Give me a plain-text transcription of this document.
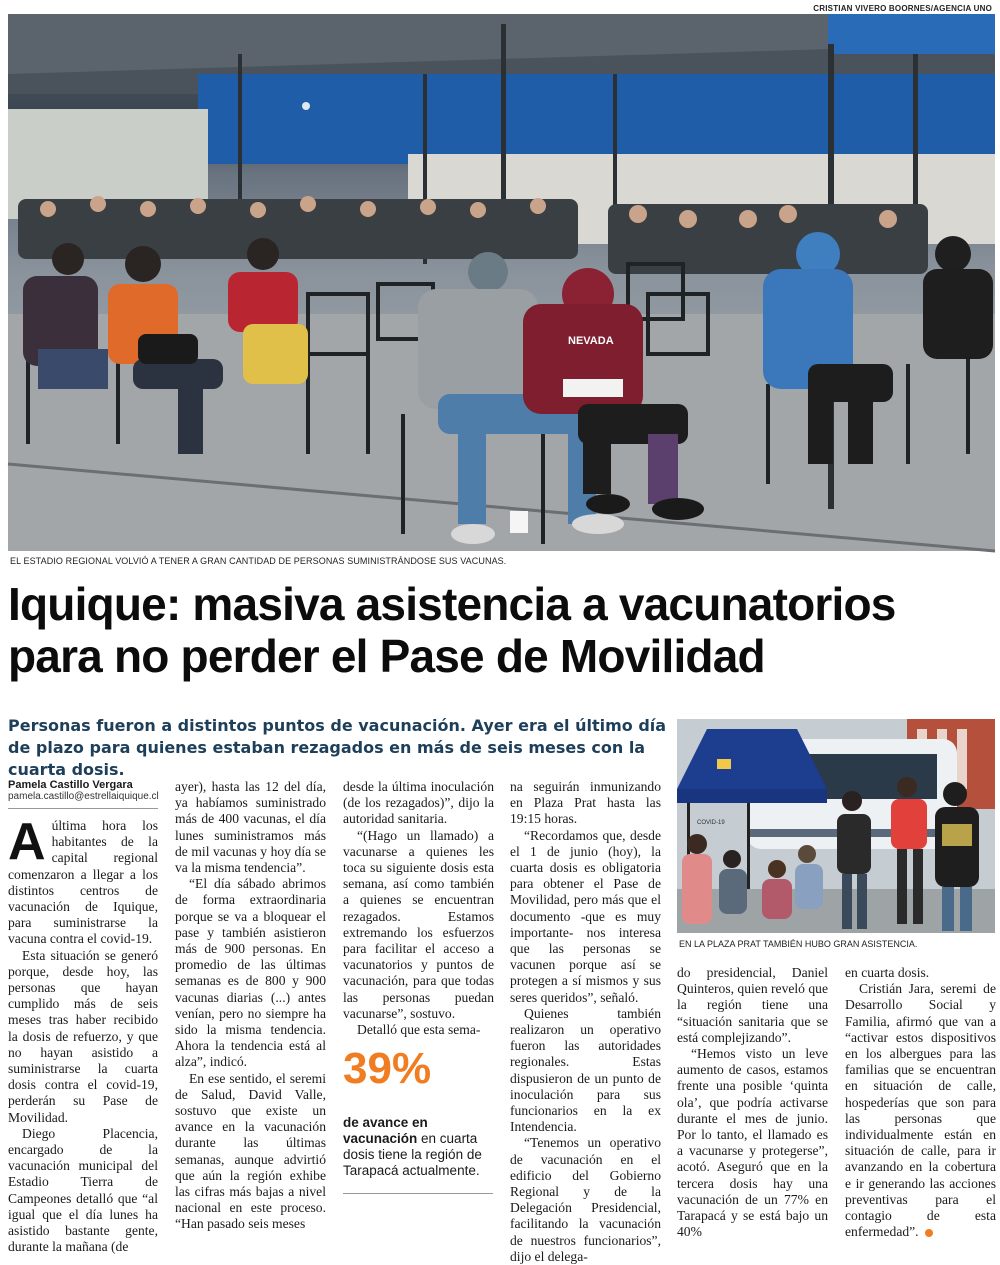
CRISTIAN VIVERO BOORNES/AGENCIA UNO
NEVADA
EL ESTADIO REGIONAL VOLVIÓ A TENER A GRAN CANTIDAD DE PERSONAS SUMINISTRÁNDOSE SUS VACUNAS.
Iquique: masiva asistencia a vacunatorios
para no perder el Pase de Movilidad

Personas fueron a distintos puntos de vacunación. Ayer era el último día de plazo para quienes estaban rezagados en más de seis meses con la cuarta dosis.

COVID-19
EN LA PLAZA PRAT TAMBIÉN HUBO GRAN ASISTENCIA.
Pamela Castillo Vergara
pamela.castillo@estrellaiquique.cl

Aúltima hora los habitantes de la capital regional comenzaron a llegar a los distintos centros de vacunación de Iquique, para suministrarse la vacuna contra el covid-19.

Esta situación se generó porque, desde hoy, las personas que hayan cumplido más de seis meses tras haber recibido la dosis de refuerzo, y que no hayan asistido a suministrarse la cuarta dosis contra el covid-19, perderán su Pase de Movilidad.

Diego Placencia, encargado de la vacunación municipal del Estadio Tierra de Campeones detalló que “al igual que el día lunes ha asistido bastante gente, durante la mañana (de

ayer), hasta las 12 del día, ya habíamos suministrado más de 400 vacunas, el día lunes suministramos más de mil vacunas y hoy día se va la misma tendencia”.

“El día sábado abrimos de forma extraordinaria porque se va a bloquear el pase y también asistieron más de 900 personas. En promedio de las últimas semanas es de 800 y 900 vacunas diarias (...) antes venían, pero no siempre ha sido la misma tendencia. Ahora la tendencia está al alza”, indicó.

En ese sentido, el seremi de Salud, David Valle, sostuvo que existe un avance en la vacunación durante las últimas semanas, aunque advirtió que aún la región exhibe las cifras más bajas a nivel nacional en este proceso. “Han pasado seis meses

desde la última inoculación (de los rezagados)”, dijo la autoridad sanitaria.

“(Hago un llamado) a vacunarse a quienes les toca su siguiente dosis esta semana, así como también a quienes se encuentran rezagados. Estamos extremando los esfuerzos para facilitar el acceso a vacunatorios y puntos de vacunación, para que todas las personas puedan vacunarse”, sostuvo.

Detalló que esta sema-

39%
de avance en vacunación en cuarta dosis tiene la región de Tarapacá actualmente.

na seguirán inmunizando en Plaza Prat hasta las 19:15 horas.

“Recordamos que, desde el 1 de junio (hoy), la cuarta dosis es obligatoria para obtener el Pase de Movilidad, pero más que el documento -que es muy importante- nos interesa que las personas se vacunen porque así se protegen a sí mismos y sus seres queridos”, señaló.

Quienes también realizaron un operativo fueron las autoridades regionales. Estas dispusieron de un punto de inoculación para sus funcionarios en la ex Intendencia.

“Tenemos un operativo de vacunación en el edificio del Gobierno Regional y de la Delegación Presidencial, facilitando la vacunación de nuestros funcionarios”, dijo el delega-

do presidencial, Daniel Quinteros, quien reveló que la región tiene una “situación sanitaria que se está complejizando”.

“Hemos visto un leve aumento de casos, estamos frente una posible ‘quinta ola’, que podría activarse durante el mes de junio. Por lo tanto, el llamado es a vacunarse y protegerse”, acotó. Aseguró que en la tercera dosis hay una vacunación de un 77% en Tarapacá y se está bajo un 40%

en cuarta dosis.

Cristián Jara, seremi de Desarrollo Social y Familia, afirmó que van a “activar estos dispositivos en los albergues para las familias que se encuentran en situación de calle, hospederías que son para las personas que individualmente están en situación de calle, para ir avanzando en la cobertura e ir generando las acciones preventivas para el contagio de esta enfermedad”.
